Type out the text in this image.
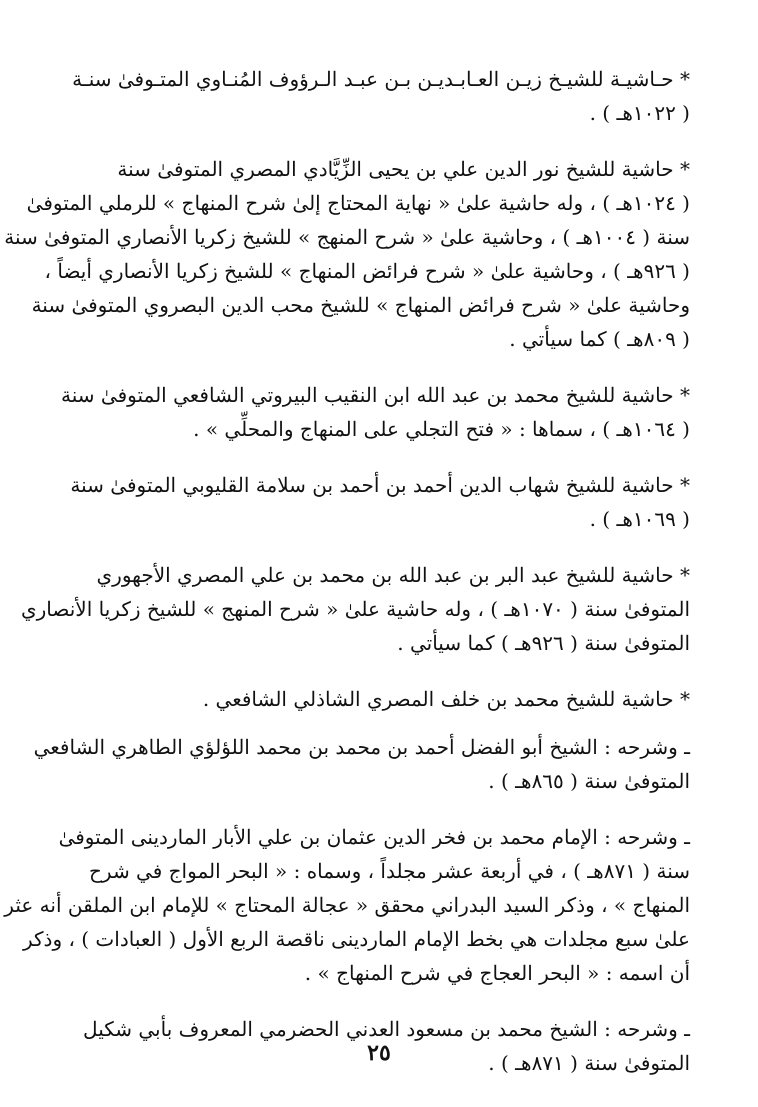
* حـاشيـة للشيـخ زيـن العـابـديـن بـن عبـد الـرؤوف المُنـاوي المتـوفىٰ سنـة
( ١٠٢٢هـ ) .
* حاشية للشيخ نور الدين علي بن يحيى الزِّيَّادي المصري المتوفىٰ سنة
( ١٠٢٤هـ ) ، وله حاشية علىٰ « نهاية المحتاج إلىٰ شرح المنهاج » للرملي المتوفىٰ
سنة ( ١٠٠٤هـ ) ، وحاشية علىٰ « شرح المنهج » للشيخ زكريا الأنصاري المتوفىٰ سنة
( ٩٢٦هـ ) ، وحاشية علىٰ « شرح فرائض المنهاج » للشيخ زكريا الأنصاري أيضاً ،
وحاشية علىٰ « شرح فرائض المنهاج » للشيخ محب الدين البصروي المتوفىٰ سنة
( ٨٠٩هـ ) كما سيأتي .
* حاشية للشيخ محمد بن عبد الله ابن النقيب البيروتي الشافعي المتوفىٰ سنة
( ١٠٦٤هـ ) ، سماها : « فتح التجلي على المنهاج والمحلِّي » .
* حاشية للشيخ شهاب الدين أحمد بن أحمد بن سلامة القليوبي المتوفىٰ سنة
( ١٠٦٩هـ ) .
* حاشية للشيخ عبد البر بن عبد الله بن محمد بن علي المصري الأجهوري
المتوفىٰ سنة ( ١٠٧٠هـ ) ، وله حاشية علىٰ « شرح المنهج » للشيخ زكريا الأنصاري
المتوفىٰ سنة ( ٩٢٦هـ ) كما سيأتي .
* حاشية للشيخ محمد بن خلف المصري الشاذلي الشافعي .
ـ وشرحه : الشيخ أبو الفضل أحمد بن محمد بن محمد اللؤلؤي الطاهري الشافعي
المتوفىٰ سنة ( ٨٦٥هـ ) .
ـ وشرحه : الإمام محمد بن فخر الدين عثمان بن علي الأبار الماردينى المتوفىٰ
سنة ( ٨٧١هـ ) ، في أربعة عشر مجلداً ، وسماه : « البحر المواج في شرح
المنهاج » ، وذكر السيد البدراني محقق « عجالة المحتاج » للإمام ابن الملقن أنه عثر
علىٰ سبع مجلدات هي بخط الإمام الماردينى ناقصة الربع الأول ( العبادات ) ، وذكر
أن اسمه : « البحر العجاج في شرح المنهاج » .
ـ وشرحه : الشيخ محمد بن مسعود العدني الحضرمي المعروف بأبي شكيل
المتوفىٰ سنة ( ٨٧١هـ ) .
٢٥
